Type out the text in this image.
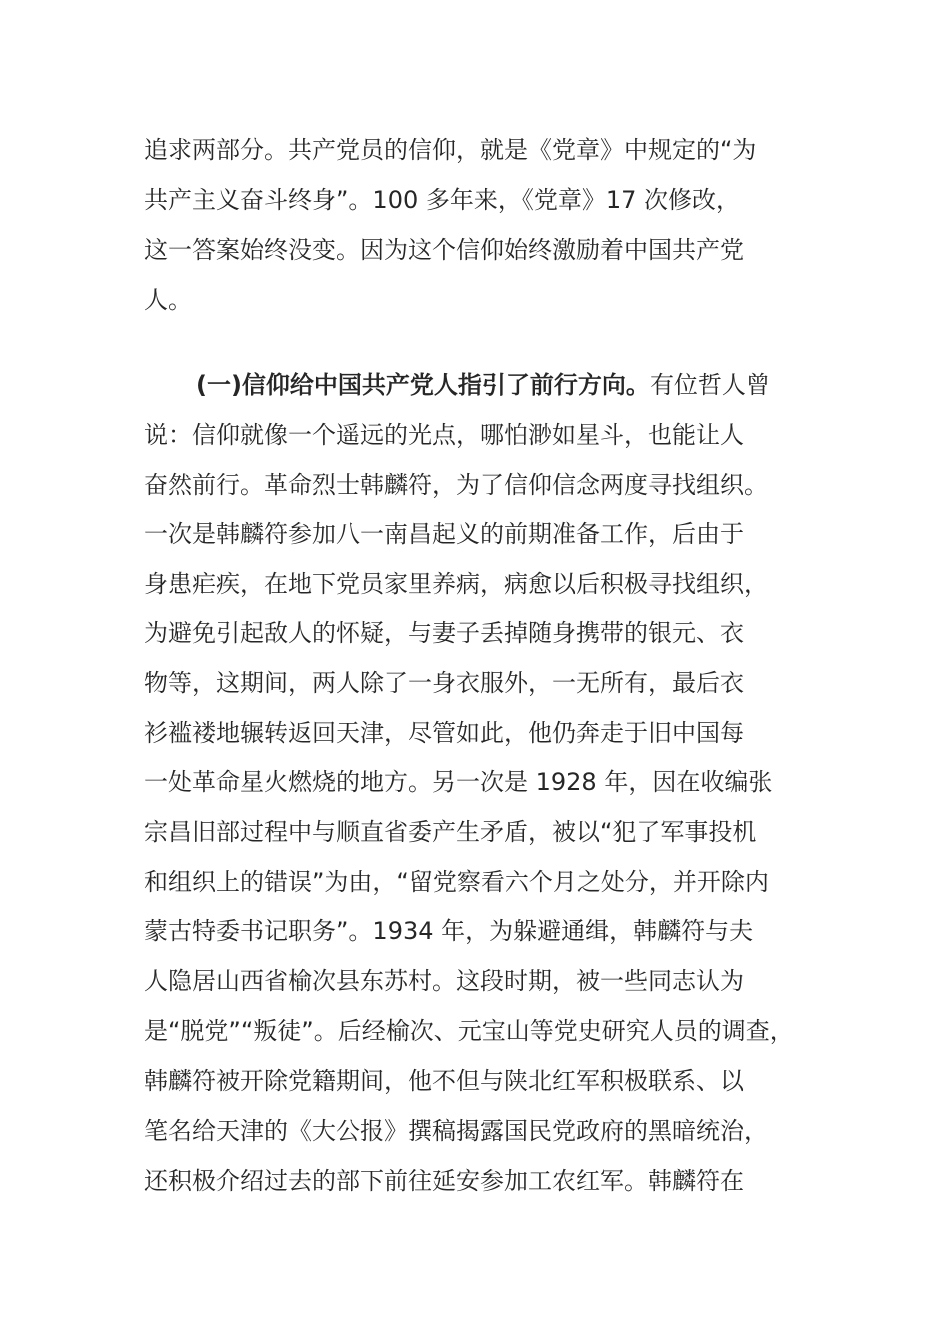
追求两部分。共产党员的信仰，就是《党章》中规定的“为
共产主义奋斗终身”。100 多年来，《党章》17 次修改，
这一答案始终没变。因为这个信仰始终激励着中国共产党
人。
(一)信仰给中国共产党人指引了前行方向。有位哲人曾
说：信仰就像一个遥远的光点，哪怕渺如星斗，也能让人
奋然前行。革命烈士韩麟符，为了信仰信念两度寻找组织。
一次是韩麟符参加八一南昌起义的前期准备工作，后由于
身患疟疾，在地下党员家里养病，病愈以后积极寻找组织，
为避免引起敌人的怀疑，与妻子丢掉随身携带的银元、衣
物等，这期间，两人除了一身衣服外，一无所有，最后衣
衫褴褛地辗转返回天津，尽管如此，他仍奔走于旧中国每
一处革命星火燃烧的地方。另一次是 1928 年，因在收编张
宗昌旧部过程中与顺直省委产生矛盾，被以“犯了军事投机
和组织上的错误”为由，“留党察看六个月之处分，并开除内
蒙古特委书记职务”。1934 年，为躲避通缉，韩麟符与夫
人隐居山西省榆次县东苏村。这段时期，被一些同志认为
是“脱党”“叛徒”。后经榆次、元宝山等党史研究人员的调查，
韩麟符被开除党籍期间，他不但与陕北红军积极联系、以
笔名给天津的《大公报》撰稿揭露国民党政府的黑暗统治，
还积极介绍过去的部下前往延安参加工农红军。韩麟符在
